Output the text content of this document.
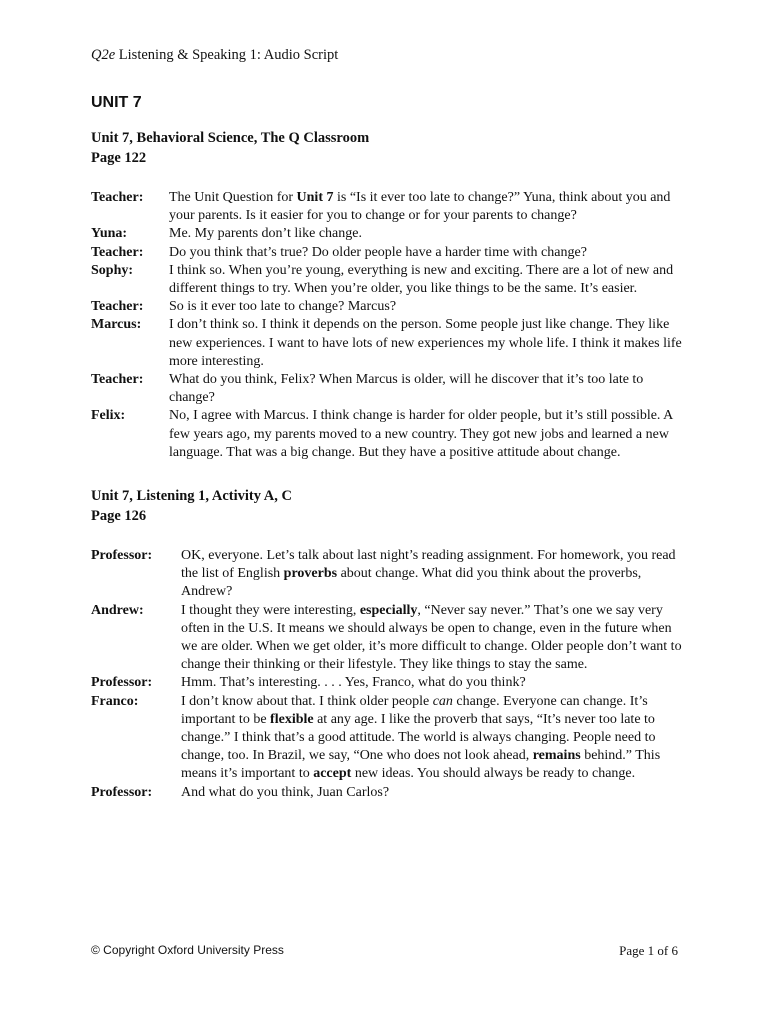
Q2e Listening & Speaking 1: Audio Script

UNIT 7
Unit 7, Behavioral Science, The Q Classroom
Page 122
Teacher:	The Unit Question for Unit 7 is “Is it ever too late to change?” Yuna, think about you and your parents. Is it easier for you to change or for your parents to change?
Yuna:	Me. My parents don’t like change.
Teacher:	Do you think that’s true? Do older people have a harder time with change?
Sophy:	I think so. When you’re young, everything is new and exciting. There are a lot of new and different things to try. When you’re older, you like things to be the same. It’s easier.
Teacher:	So is it ever too late to change? Marcus?
Marcus:	I don’t think so. I think it depends on the person. Some people just like change. They like new experiences. I want to have lots of new experiences my whole life. I think it makes life more interesting.
Teacher:	What do you think, Felix? When Marcus is older, will he discover that it’s too late to change?
Felix:	No, I agree with Marcus. I think change is harder for older people, but it’s still possible. A few years ago, my parents moved to a new country. They got new jobs and learned a new language. That was a big change. But they have a positive attitude about change.
Unit 7, Listening 1, Activity A, C
Page 126
Professor:	OK, everyone. Let’s talk about last night’s reading assignment. For homework, you read the list of English proverbs about change. What did you think about the proverbs, Andrew?
Andrew:	I thought they were interesting, especially, “Never say never.” That’s one we say very often in the U.S. It means we should always be open to change, even in the future when we are older. When we get older, it’s more difficult to change. Older people don’t want to change their thinking or their lifestyle. They like things to stay the same.
Professor:	Hmm. That’s interesting. . . . Yes, Franco, what do you think?
Franco:	I don’t know about that. I think older people can change. Everyone can change. It’s important to be flexible at any age. I like the proverb that says, “It’s never too late to change.” I think that’s a good attitude. The world is always changing. People need to change, too. In Brazil, we say, “One who does not look ahead, remains behind.” This means it’s important to accept new ideas. You should always be ready to change.
Professor:	And what do you think, Juan Carlos?
© Copyright Oxford University Press	Page 1 of 6
